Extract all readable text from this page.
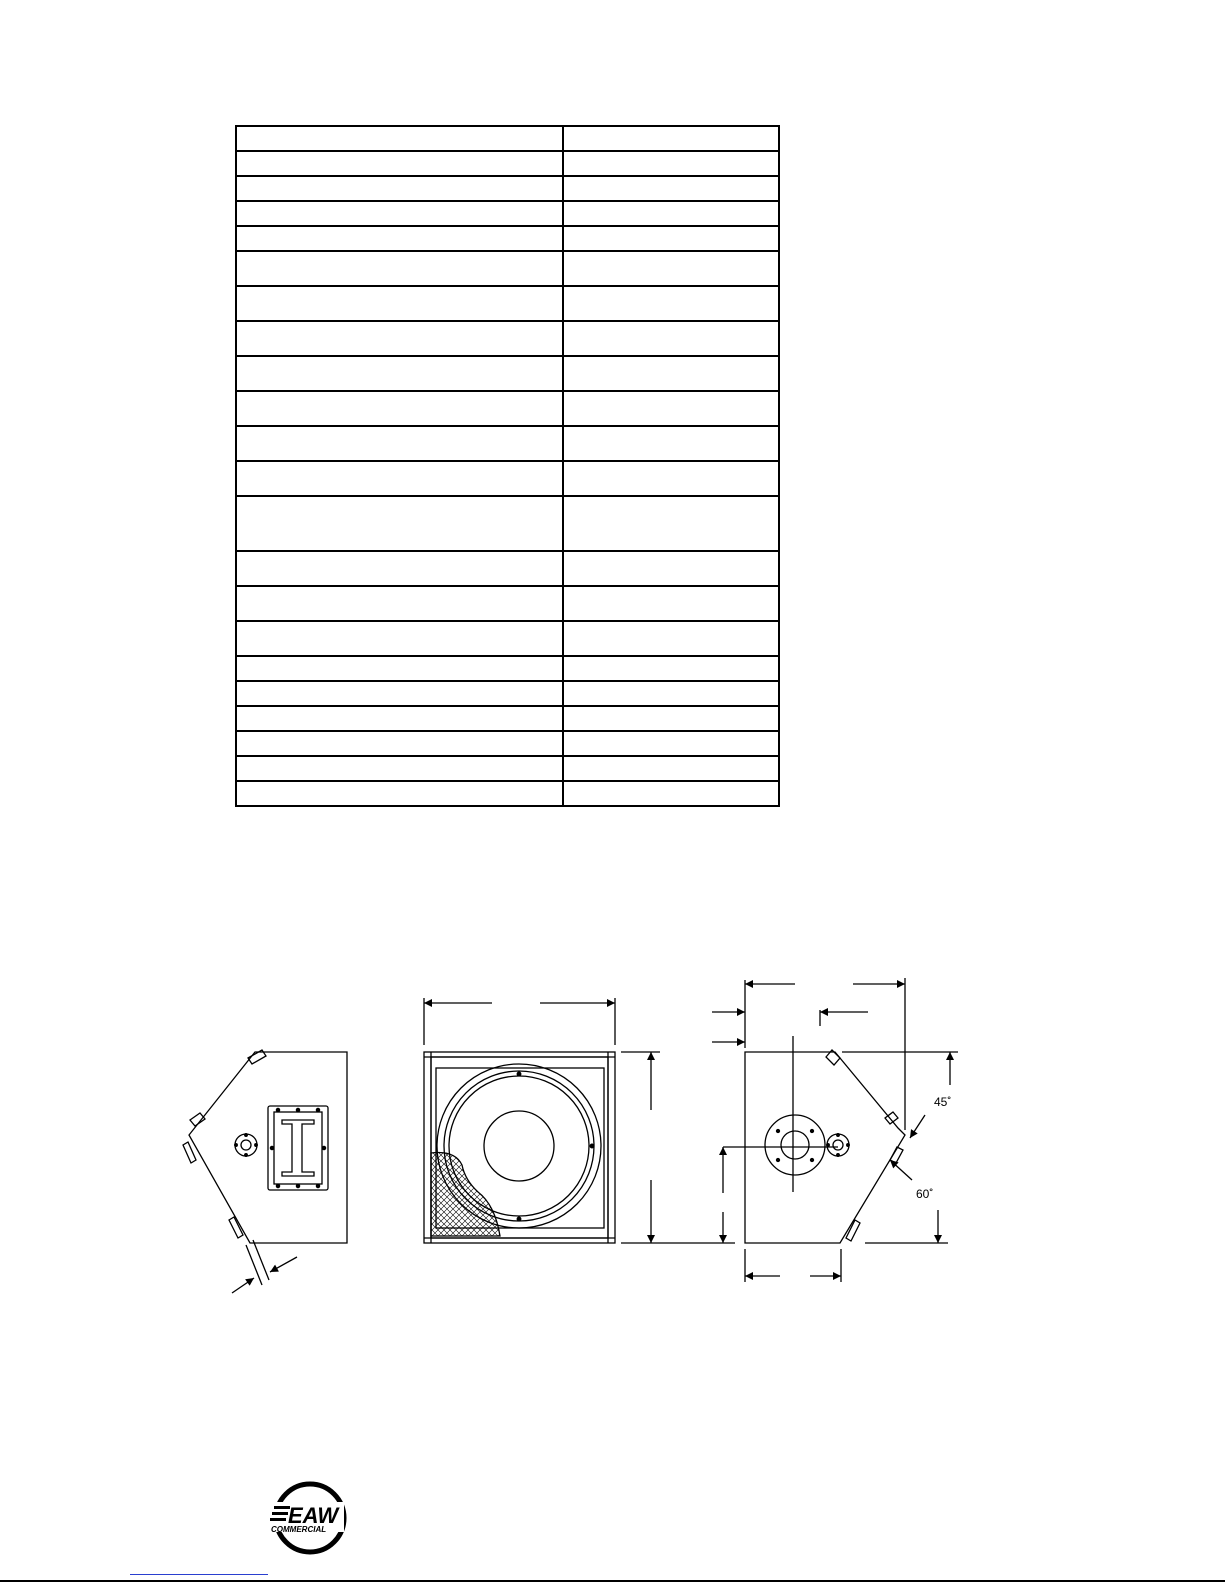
45˚
60˚
EAW
COMMERCIAL
